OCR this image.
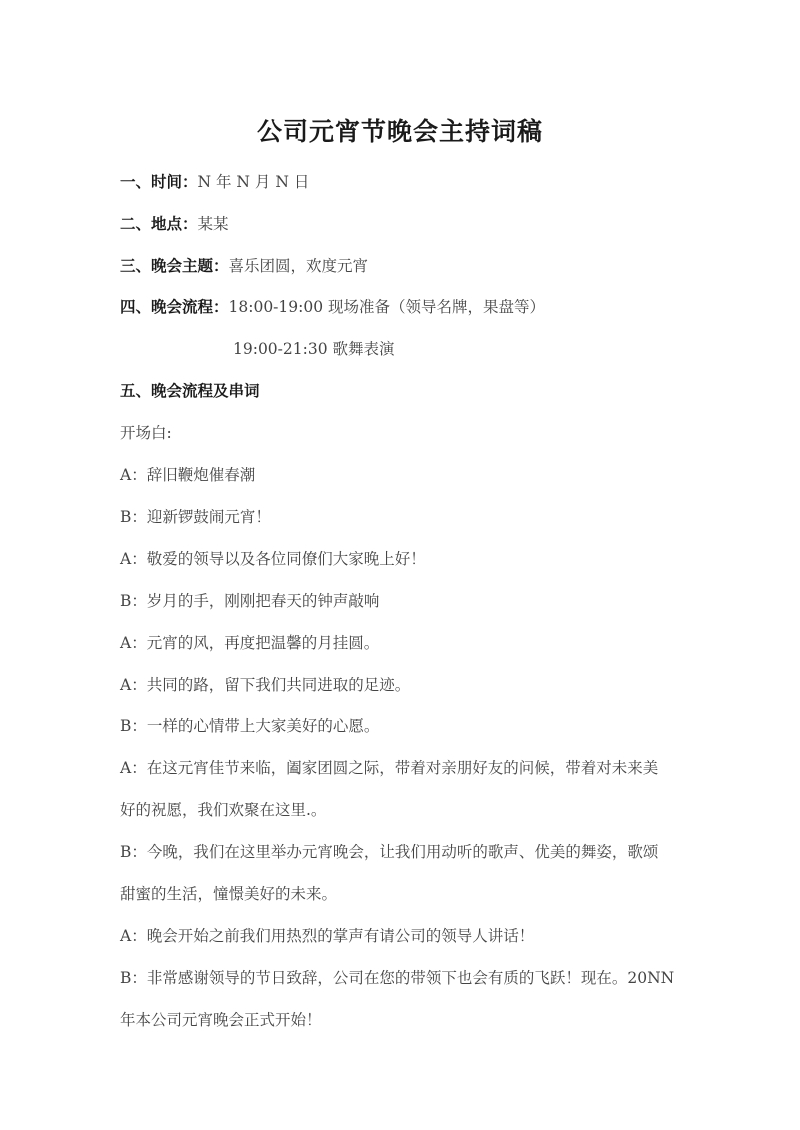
公司元宵节晚会主持词稿
一、时间：N 年 N 月 N 日
二、地点：某某
三、晚会主题：喜乐团圆，欢度元宵
四、晚会流程：18:00-19:00 现场准备（领导名牌，果盘等）
19:00-21:30 歌舞表演
五、晚会流程及串词
开场白:
A：辞旧鞭炮催春潮
B：迎新锣鼓闹元宵！
A：敬爱的领导以及各位同僚们大家晚上好！
B：岁月的手，刚刚把春天的钟声敲响
A：元宵的风，再度把温馨的月挂圆。
A：共同的路，留下我们共同进取的足迹。
B：一样的心情带上大家美好的心愿。
A：在这元宵佳节来临，阖家团圆之际，带着对亲朋好友的问候，带着对未来美
好的祝愿，我们欢聚在这里.。
B：今晚，我们在这里举办元宵晚会，让我们用动听的歌声、优美的舞姿，歌颂
甜蜜的生活，憧憬美好的未来。
A：晚会开始之前我们用热烈的掌声有请公司的领导人讲话！
B：非常感谢领导的节日致辞，公司在您的带领下也会有质的飞跃！现在。20NN
年本公司元宵晚会正式开始！
